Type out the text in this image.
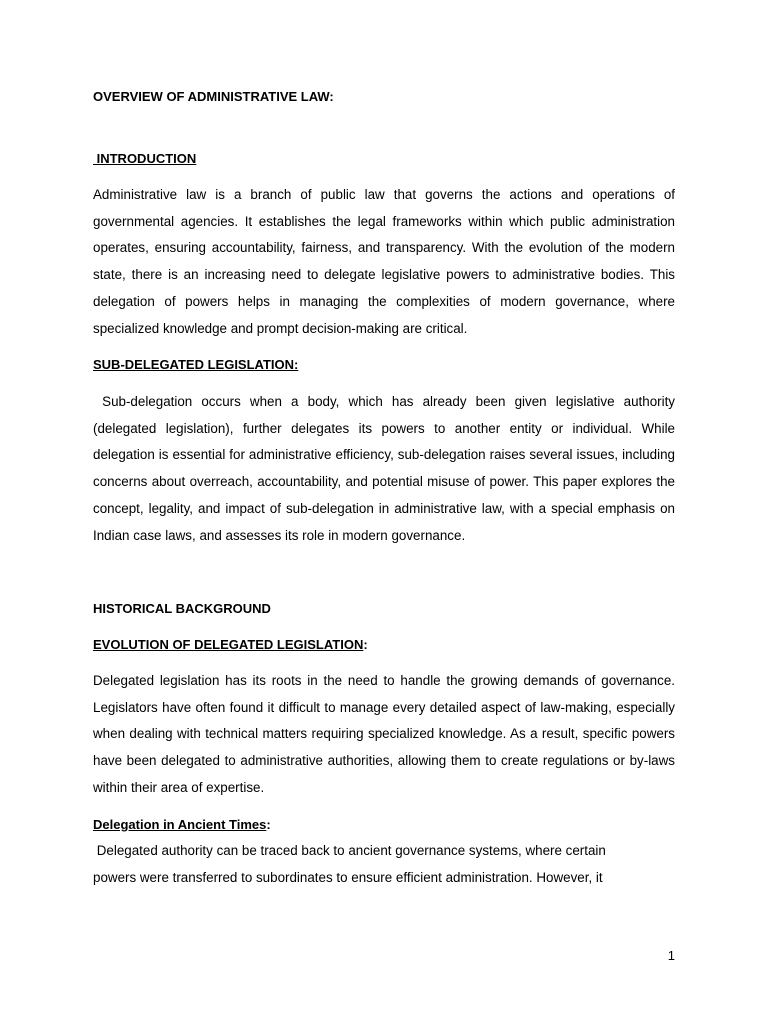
OVERVIEW OF ADMINISTRATIVE LAW:
INTRODUCTION
Administrative law is a branch of public law that governs the actions and operations of governmental agencies. It establishes the legal frameworks within which public administration operates, ensuring accountability, fairness, and transparency. With the evolution of the modern state, there is an increasing need to delegate legislative powers to administrative bodies. This delegation of powers helps in managing the complexities of modern governance, where specialized knowledge and prompt decision-making are critical.
SUB-DELEGATED LEGISLATION:
Sub-delegation occurs when a body, which has already been given legislative authority (delegated legislation), further delegates its powers to another entity or individual. While delegation is essential for administrative efficiency, sub-delegation raises several issues, including concerns about overreach, accountability, and potential misuse of power. This paper explores the concept, legality, and impact of sub-delegation in administrative law, with a special emphasis on Indian case laws, and assesses its role in modern governance.
HISTORICAL BACKGROUND
EVOLUTION OF DELEGATED LEGISLATION:
Delegated legislation has its roots in the need to handle the growing demands of governance. Legislators have often found it difficult to manage every detailed aspect of law-making, especially when dealing with technical matters requiring specialized knowledge. As a result, specific powers have been delegated to administrative authorities, allowing them to create regulations or by-laws within their area of expertise.
Delegation in Ancient Times:
Delegated authority can be traced back to ancient governance systems, where certain
powers were transferred to subordinates to ensure efficient administration. However, it
1
